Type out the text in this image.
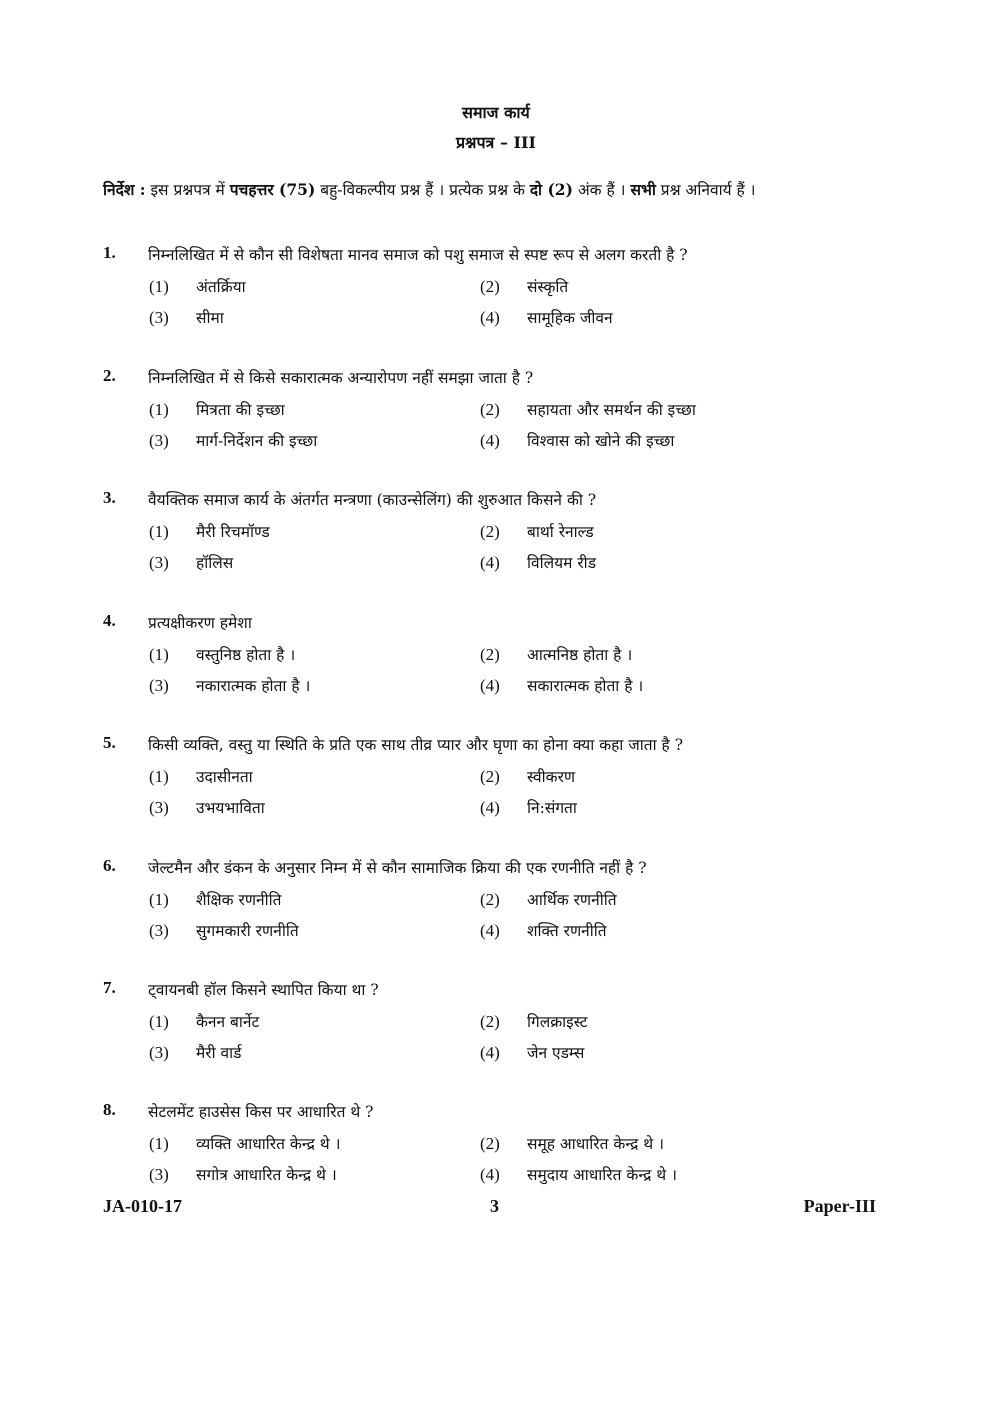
समाज कार्य
प्रश्नपत्र – III
निर्देश : इस प्रश्नपत्र में पचहत्तर (75) बहु-विकल्पीय प्रश्न हैं । प्रत्येक प्रश्न के दो (2) अंक हैं । सभी प्रश्न अनिवार्य हैं ।
1. निम्नलिखित में से कौन सी विशेषता मानव समाज को पशु समाज से स्पष्ट रूप से अलग करती है ?
(1) अंतर्क्रिया	(2) संस्कृति
(3) सीमा	(4) सामूहिक जीवन
2. निम्नलिखित में से किसे सकारात्मक अन्यारोपण नहीं समझा जाता है ?
(1) मित्रता की इच्छा	(2) सहायता और समर्थन की इच्छा
(3) मार्ग-निर्देशन की इच्छा	(4) विश्वास को खोने की इच्छा
3. वैयक्तिक समाज कार्य के अंतर्गत मन्त्रणा (काउन्सेलिंग) की शुरुआत किसने की ?
(1) मैरी रिचमॉण्ड	(2) बार्था रेनाल्ड
(3) हॉलिस	(4) विलियम रीड
4. प्रत्यक्षीकरण हमेशा
(1) वस्तुनिष्ठ होता है ।	(2) आत्मनिष्ठ होता है ।
(3) नकारात्मक होता है ।	(4) सकारात्मक होता है ।
5. किसी व्यक्ति, वस्तु या स्थिति के प्रति एक साथ तीव्र प्यार और घृणा का होना क्या कहा जाता है ?
(1) उदासीनता	(2) स्वीकरण
(3) उभयभाविता	(4) नि:संगता
6. जेल्टमैन और डंकन के अनुसार निम्न में से कौन सामाजिक क्रिया की एक रणनीति नहीं है ?
(1) शैक्षिक रणनीति	(2) आर्थिक रणनीति
(3) सुगमकारी रणनीति	(4) शक्ति रणनीति
7. ट्वायनबी हॉल किसने स्थापित किया था ?
(1) कैनन बार्नेट	(2) गिलक्राइस्ट
(3) मैरी वार्ड	(4) जेन एडम्स
8. सेटलमेंट हाउसेस किस पर आधारित थे ?
(1) व्यक्ति आधारित केन्द्र थे ।	(2) समूह आधारित केन्द्र थे ।
(3) सगोत्र आधारित केन्द्र थे ।	(4) समुदाय आधारित केन्द्र थे ।
JA-010-17	3	Paper-III
